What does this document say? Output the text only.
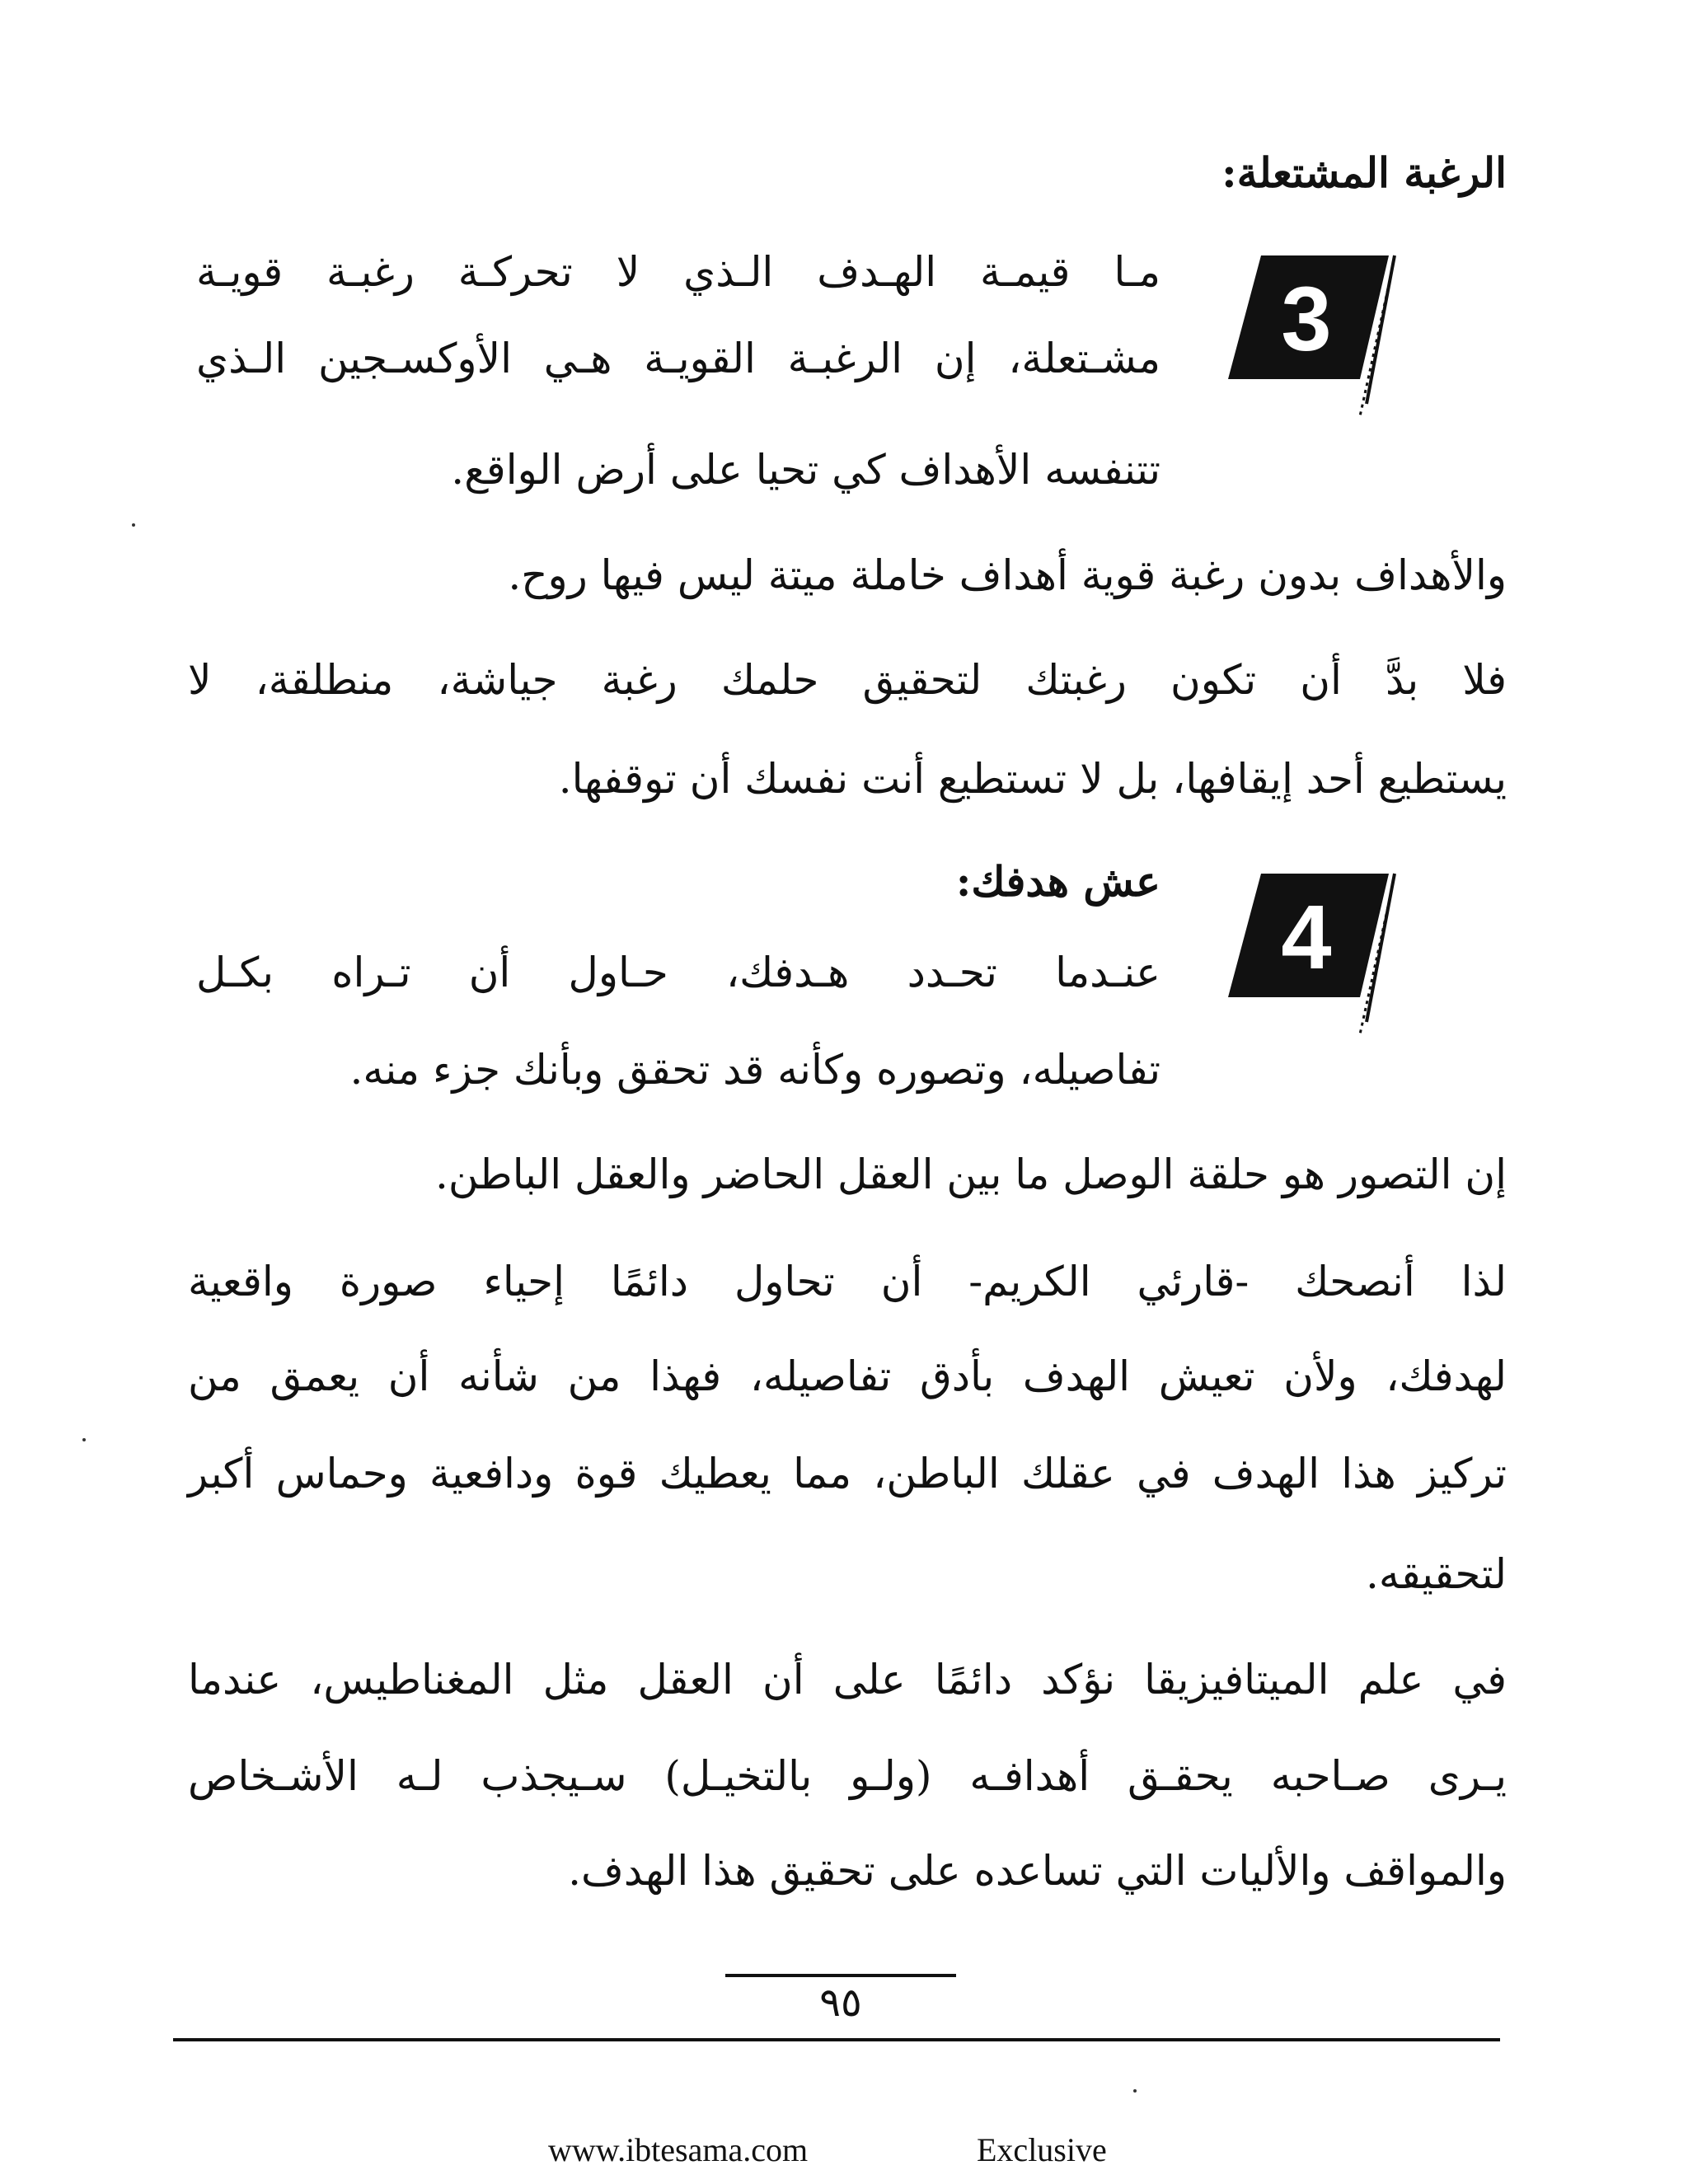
الرغبة المشتعلة:
3
مـا قيمـة الهـدف الـذي لا تحركـة رغبـة قويـة
مشـتعلة، إن الرغبـة القويـة هـي الأوكسـجين الـذي
تتنفسه الأهداف كي تحيا على أرض الواقع.
والأهداف بدون رغبة قوية أهداف خاملة ميتة ليس فيها روح.
فلا بدَّ أن تكون رغبتك لتحقيق حلمك رغبة جياشة، منطلقة، لا
يستطيع أحد إيقافها، بل لا تستطيع أنت نفسك أن توقفها.
4
عش هدفك:
عنـدما تحـدد هـدفك، حـاول أن تـراه بكـل
تفاصيله، وتصوره وكأنه قد تحقق وبأنك جزء منه.
إن التصور هو حلقة الوصل ما بين العقل الحاضر والعقل الباطن.
لذا أنصحك -قارئي الكريم- أن تحاول دائمًا إحياء صورة واقعية
لهدفك، ولأن تعيش الهدف بأدق تفاصيله، فهذا من شأنه أن يعمق من
تركيز هذا الهدف في عقلك الباطن، مما يعطيك قوة ودافعية وحماس أكبر
لتحقيقه.
في علم الميتافيزيقا نؤكد دائمًا على أن العقل مثل المغناطيس، عندما
يـرى صـاحبه يحقـق أهدافـه (ولـو بالتخيـل) سـيجذب لـه الأشـخاص
والمواقف والأليات التي تساعده على تحقيق هذا الهدف.
٩٥
www.ibtesama.com	Exclusive
